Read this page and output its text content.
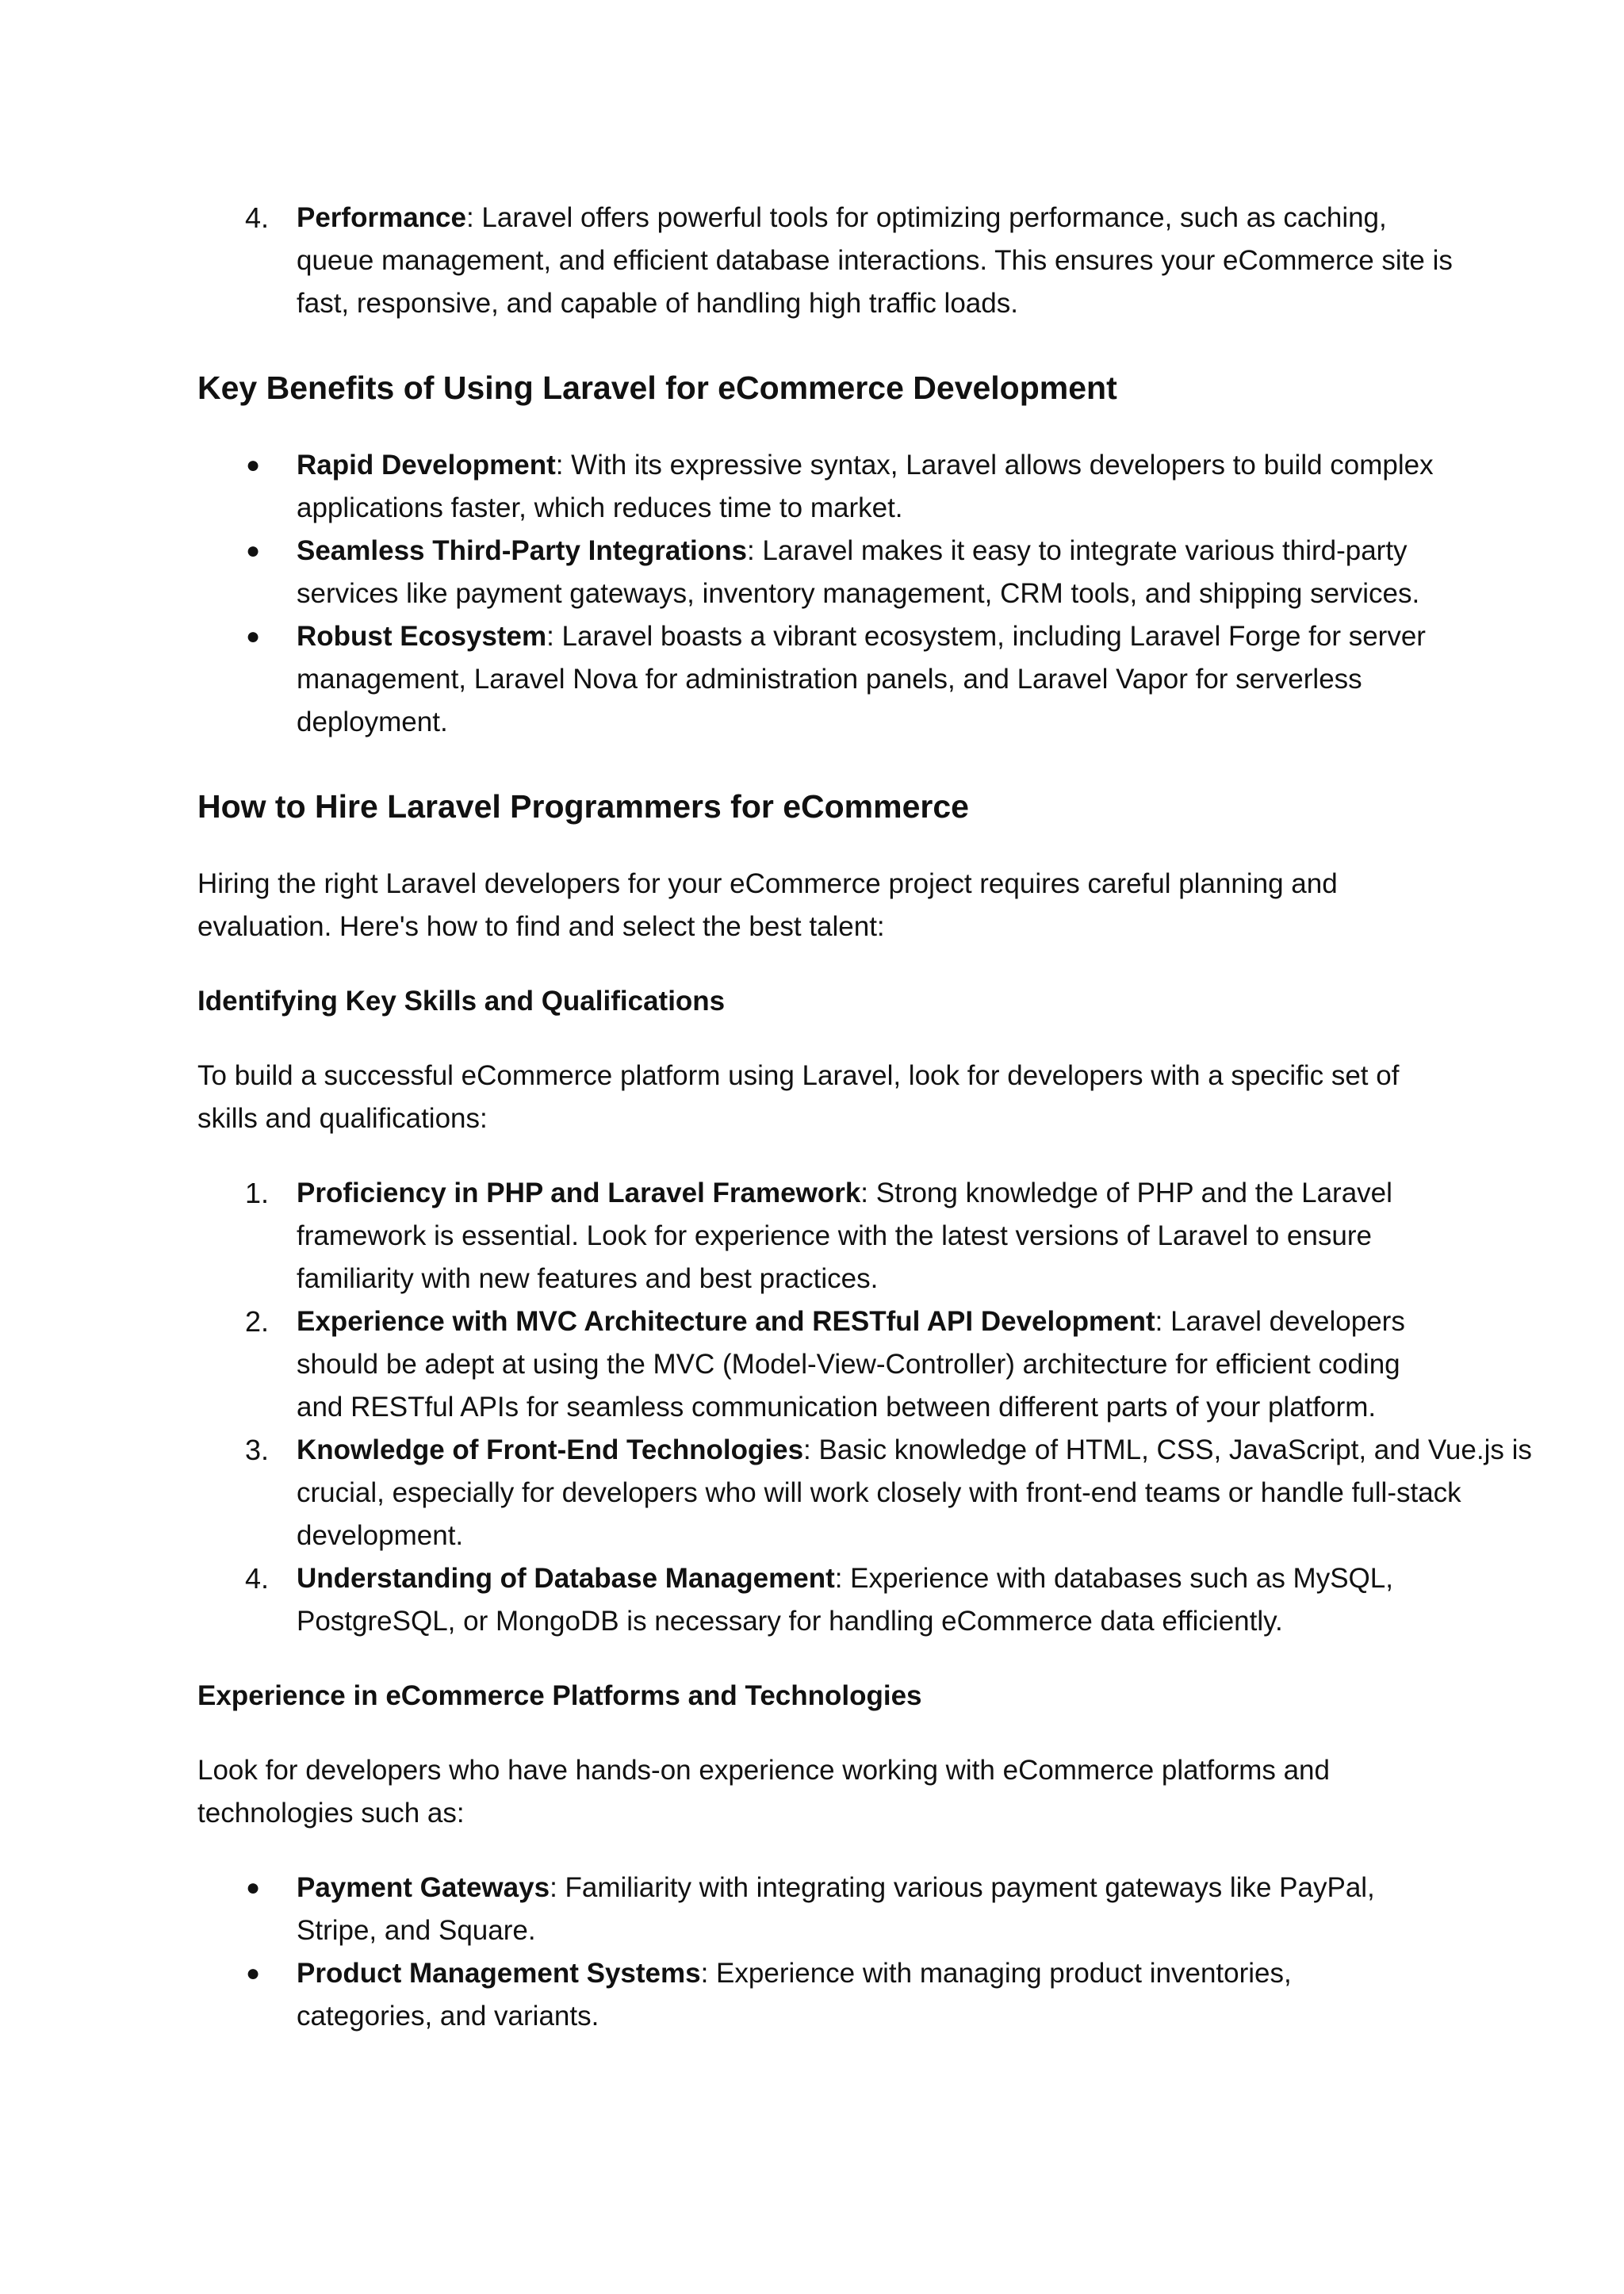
4. Performance: Laravel offers powerful tools for optimizing performance, such as caching, queue management, and efficient database interactions. This ensures your eCommerce site is fast, responsive, and capable of handling high traffic loads.
Key Benefits of Using Laravel for eCommerce Development
● Rapid Development: With its expressive syntax, Laravel allows developers to build complex applications faster, which reduces time to market.
● Seamless Third-Party Integrations: Laravel makes it easy to integrate various third-party services like payment gateways, inventory management, CRM tools, and shipping services.
● Robust Ecosystem: Laravel boasts a vibrant ecosystem, including Laravel Forge for server management, Laravel Nova for administration panels, and Laravel Vapor for serverless deployment.
How to Hire Laravel Programmers for eCommerce

Hiring the right Laravel developers for your eCommerce project requires careful planning and evaluation. Here's how to find and select the best talent:

Identifying Key Skills and Qualifications

To build a successful eCommerce platform using Laravel, look for developers with a specific set of skills and qualifications:

1. Proficiency in PHP and Laravel Framework: Strong knowledge of PHP and the Laravel framework is essential. Look for experience with the latest versions of Laravel to ensure familiarity with new features and best practices.
2. Experience with MVC Architecture and RESTful API Development: Laravel developers should be adept at using the MVC (Model-View-Controller) architecture for efficient coding and RESTful APIs for seamless communication between different parts of your platform.
3. Knowledge of Front-End Technologies: Basic knowledge of HTML, CSS, JavaScript, and Vue.js is crucial, especially for developers who will work closely with front-end teams or handle full-stack development.
4. Understanding of Database Management: Experience with databases such as MySQL, PostgreSQL, or MongoDB is necessary for handling eCommerce data efficiently.
Experience in eCommerce Platforms and Technologies

Look for developers who have hands-on experience working with eCommerce platforms and technologies such as:

● Payment Gateways: Familiarity with integrating various payment gateways like PayPal, Stripe, and Square.
● Product Management Systems: Experience with managing product inventories, categories, and variants.
